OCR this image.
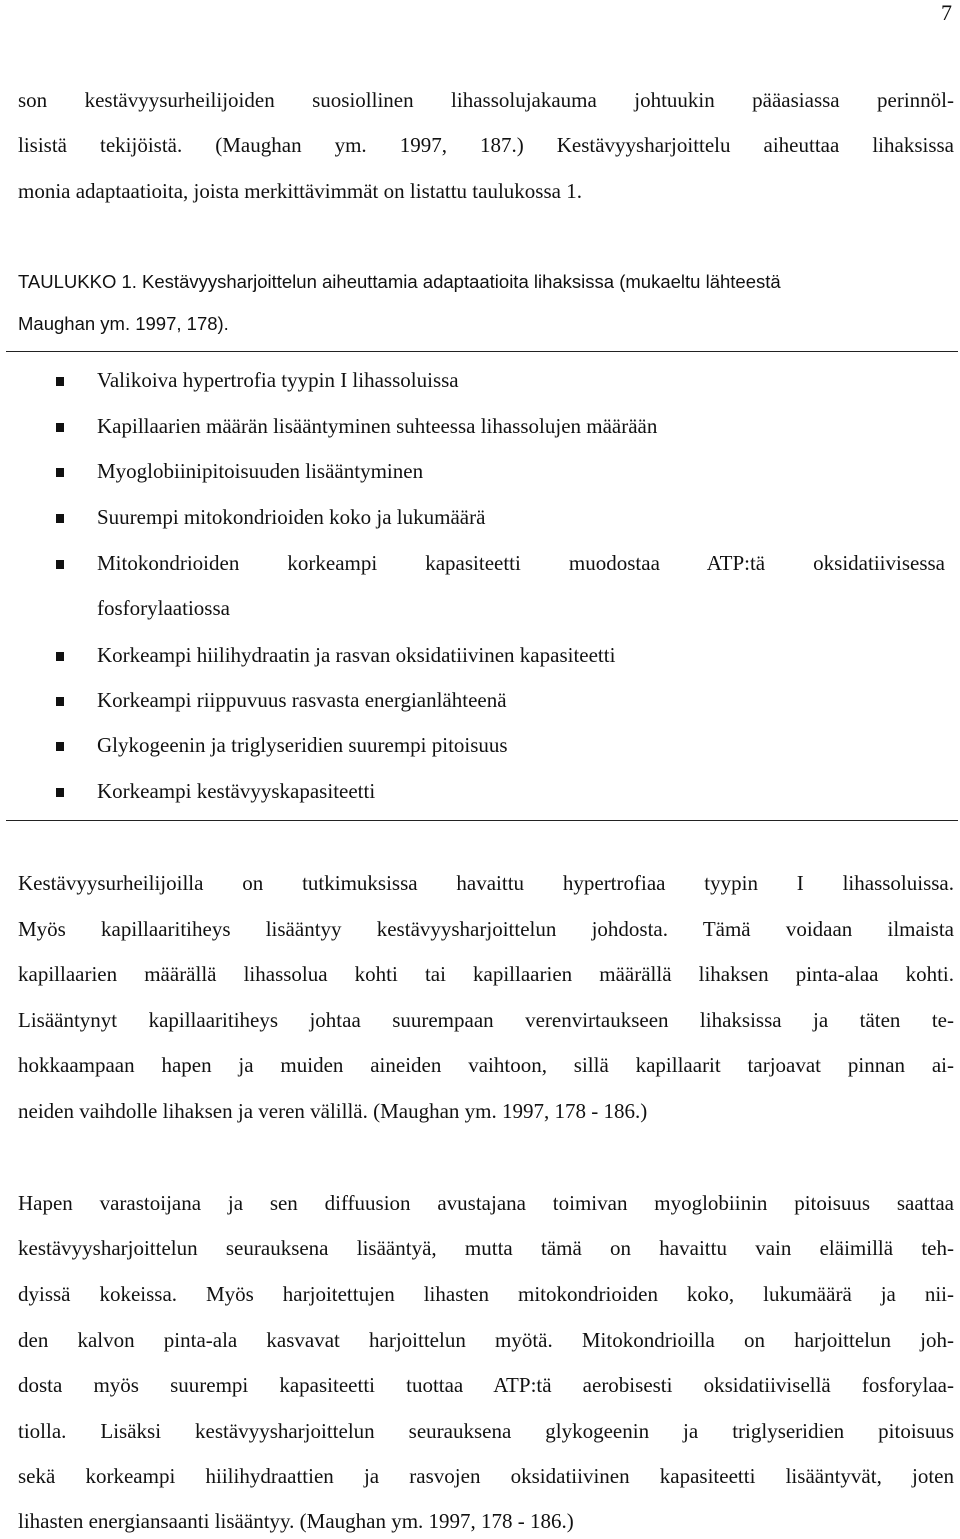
7
son kestävyysurheilijoiden suosiollinen lihassolujakauma johtuukin pääasiassa perinnöl-
lisistä tekijöistä. (Maughan ym. 1997, 187.) Kestävyysharjoittelu aiheuttaa lihaksissa
monia adaptaatioita, joista merkittävimmät on listattu taulukossa 1.
TAULUKKO 1. Kestävyysharjoittelun aiheuttamia adaptaatioita lihaksissa (mukaeltu lähteestä
Maughan ym. 1997, 178).
Valikoiva hypertrofia tyypin I lihassoluissa
Kapillaarien määrän lisääntyminen suhteessa lihassolujen määrään
Myoglobiinipitoisuuden lisääntyminen
Suurempi mitokondrioiden koko ja lukumäärä
Mitokondrioiden korkeampi kapasiteetti muodostaa ATP:tä oksidatiivisessa
fosforylaatiossa
Korkeampi hiilihydraatin ja rasvan oksidatiivinen kapasiteetti
Korkeampi riippuvuus rasvasta energianlähteenä
Glykogeenin ja triglyseridien suurempi pitoisuus
Korkeampi kestävyyskapasiteetti
Kestävyysurheilijoilla on tutkimuksissa havaittu hypertrofiaa tyypin I lihassoluissa.
Myös kapillaaritiheys lisääntyy kestävyysharjoittelun johdosta. Tämä voidaan ilmaista
kapillaarien määrällä lihassolua kohti tai kapillaarien määrällä lihaksen pinta-alaa kohti.
Lisääntynyt kapillaaritiheys johtaa suurempaan verenvirtaukseen lihaksissa ja täten te-
hokkaampaan hapen ja muiden aineiden vaihtoon, sillä kapillaarit tarjoavat pinnan ai-
neiden vaihdolle lihaksen ja veren välillä. (Maughan ym. 1997, 178 - 186.)
Hapen varastoijana ja sen diffuusion avustajana toimivan myoglobiinin pitoisuus saattaa
kestävyysharjoittelun seurauksena lisääntyä, mutta tämä on havaittu vain eläimillä teh-
dyissä kokeissa. Myös harjoitettujen lihasten mitokondrioiden koko, lukumäärä ja nii-
den kalvon pinta-ala kasvavat harjoittelun myötä. Mitokondrioilla on harjoittelun joh-
dosta myös suurempi kapasiteetti tuottaa ATP:tä aerobisesti oksidatiivisellä fosforylaa-
tiolla. Lisäksi kestävyysharjoittelun seurauksena glykogeenin ja triglyseridien pitoisuus
sekä korkeampi hiilihydraattien ja rasvojen oksidatiivinen kapasiteetti lisääntyvät, joten
lihasten energiansaanti lisääntyy. (Maughan ym. 1997, 178 - 186.)
